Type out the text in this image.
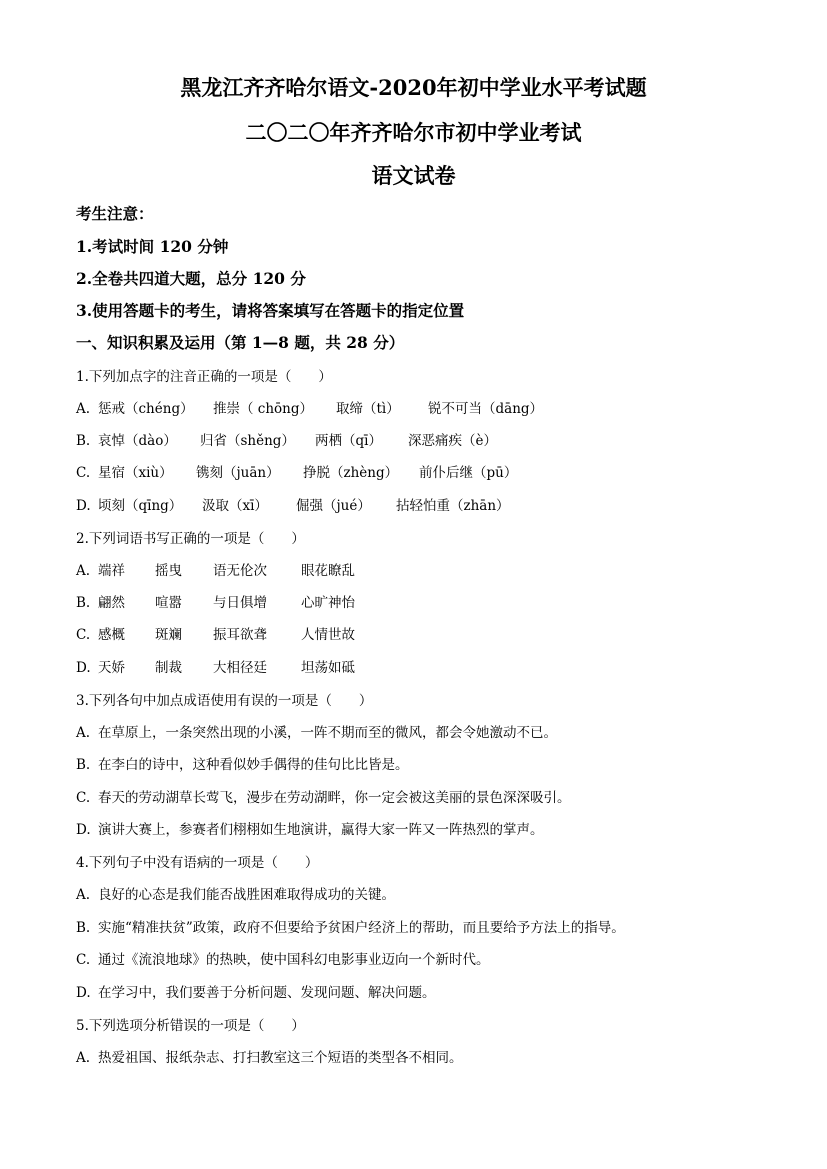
黑龙江齐齐哈尔语文-2020年初中学业水平考试题
二〇二〇年齐齐哈尔市初中学业考试
语文试卷
考生注意：
1.考试时间 120 分钟
2.全卷共四道大题，总分 120 分
3.使用答题卡的考生，请将答案填写在答题卡的指定位置
一、知识积累及运用（第 1—8 题，共 28 分）
1.下列加点字的注音正确的一项是（　　）
A. 惩戒（chéng） 推崇（ chōng） 取缔（tì） 锐不可当（dāng）
B. 哀悼（dào） 归省（shěng） 两栖（qī） 深恶痛疾（è）
C. 星宿（xiù） 镌刻（juān） 挣脱（zhèng） 前仆后继（pū）
D. 顷刻（qīng） 汲取（xī） 倔强（jué） 拈轻怕重（zhān）
2.下列词语书写正确的一项是（　　）
A. 端祥 摇曳 语无伦次	眼花瞭乱
B. 翩然 喧嚣 与日俱增	心旷神怡
C. 感概 斑斓 振耳欲聋	人情世故
D. 天娇 制裁 大相径廷	坦荡如砥
3.下列各句中加点成语使用有误的一项是（　　）
A. 在草原上，一条突然出现的小溪，一阵不期而至的微风，都会令她激动不已。
B. 在李白的诗中，这种看似妙手偶得的佳句比比皆是。
C. 春天的劳动湖草长莺飞，漫步在劳动湖畔，你一定会被这美丽的景色深深吸引。
D. 演讲大赛上，参赛者们栩栩如生地演讲，赢得大家一阵又一阵热烈的掌声。
4.下列句子中没有语病的一项是（　　）
A. 良好的心态是我们能否战胜困难取得成功的关键。
B. 实施“精准扶贫”政策，政府不但要给予贫困户经济上的帮助，而且要给予方法上的指导。
C. 通过《流浪地球》的热映，使中国科幻电影事业迈向一个新时代。
D. 在学习中，我们要善于分析问题、发现问题、解决问题。
5.下列选项分析错误的一项是（　　）
A. 热爱祖国、报纸杂志、打扫教室这三个短语的类型各不相同。
